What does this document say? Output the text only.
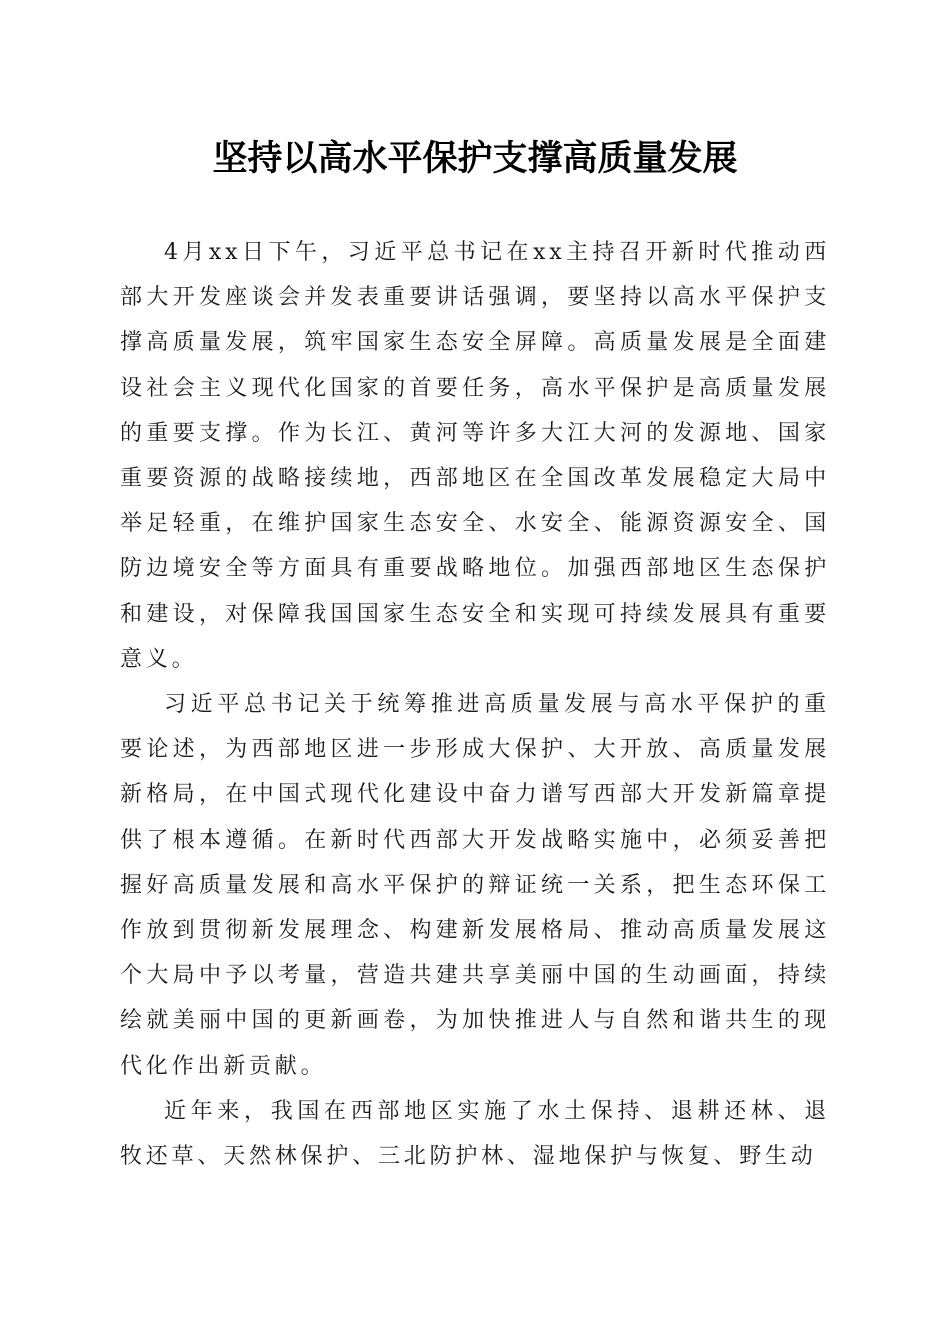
坚持以高水平保护支撑高质量发展

4月xx日下午，习近平总书记在xx主持召开新时代推动西部大开发座谈会并发表重要讲话强调，要坚持以高水平保护支撑高质量发展，筑牢国家生态安全屏障。高质量发展是全面建设社会主义现代化国家的首要任务，高水平保护是高质量发展的重要支撑。作为长江、黄河等许多大江大河的发源地、国家重要资源的战略接续地，西部地区在全国改革发展稳定大局中举足轻重，在维护国家生态安全、水安全、能源资源安全、国防边境安全等方面具有重要战略地位。加强西部地区生态保护和建设，对保障我国国家生态安全和实现可持续发展具有重要意义。

习近平总书记关于统筹推进高质量发展与高水平保护的重要论述，为西部地区进一步形成大保护、大开放、高质量发展新格局，在中国式现代化建设中奋力谱写西部大开发新篇章提供了根本遵循。在新时代西部大开发战略实施中，必须妥善把握好高质量发展和高水平保护的辩证统一关系，把生态环保工作放到贯彻新发展理念、构建新发展格局、推动高质量发展这个大局中予以考量，营造共建共享美丽中国的生动画面，持续绘就美丽中国的更新画卷，为加快推进人与自然和谐共生的现代化作出新贡献。

近年来，我国在西部地区实施了水土保持、退耕还林、退牧还草、天然林保护、三北防护林、湿地保护与恢复、野生动
